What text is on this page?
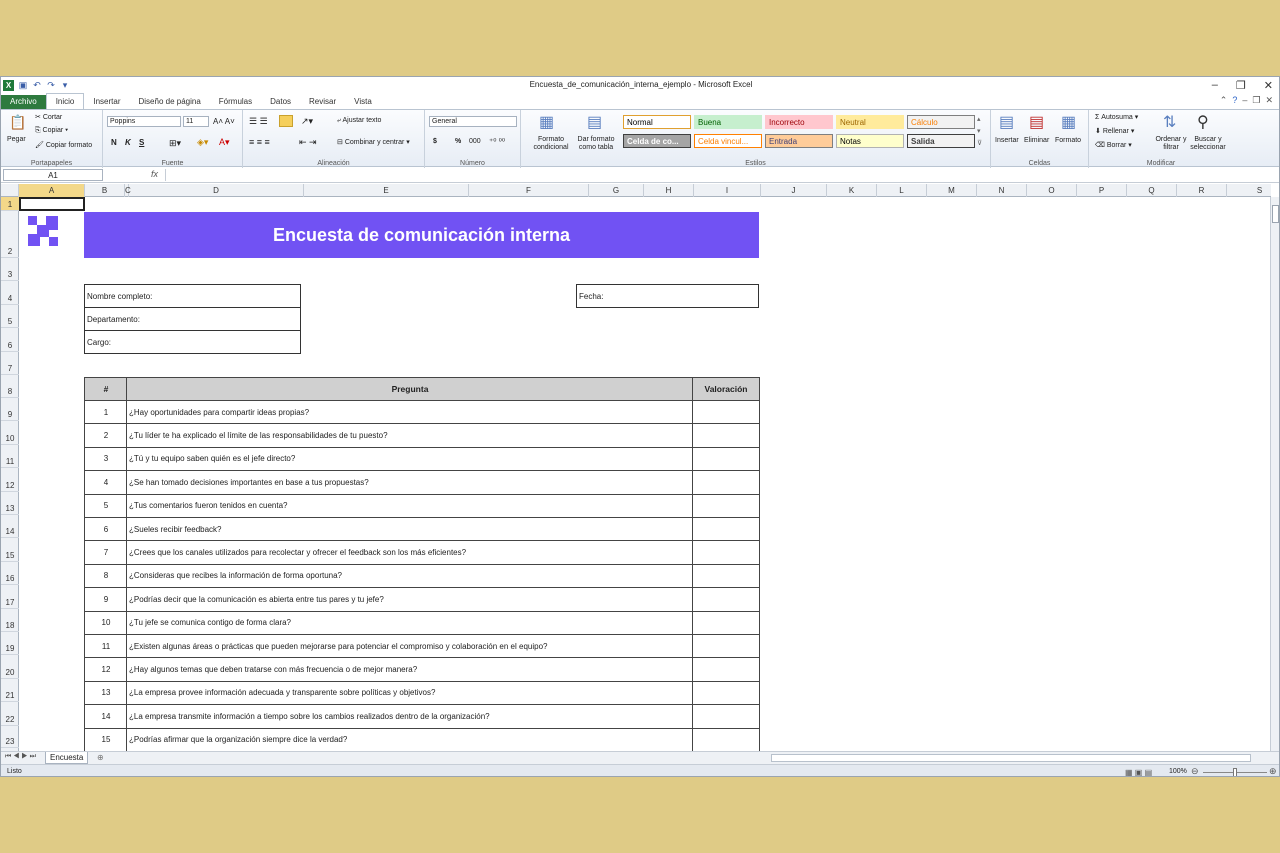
X ▣ ↶ ↷ ▾	Encuesta_de_comunicación_interna_ejemplo - Microsoft Excel	– ❐ ✕
Archivo	Inicio	Insertar	Diseño de página	Fórmulas	Datos	Revisar	Vista	⌃ ? – ❐ ✕
📋
Pegar
✂ Cortar
⎘ Copiar ▾
🖌 Copiar formato
Portapapeles
Poppins	11	A˄ A˅
N K S	⊞▾ ◈▾ A▾
Fuente
☰ ☰	↗▾	⤶ Ajustar texto
≡ ≡ ≡	⇤ ⇥	⊟ Combinar y centrar ▾
Alineación
General
$	% 000 ⁺⁰ ⁰⁰
Número
▦
Formato condicional
▤
Dar formato como tabla
Normal	Buena	Incorrecto	Neutral	Cálculo
Celda de co...	Celda vincul...	Entrada	Notas	Salida
▴
▾
⊽
Estilos
▤
Insertar
▤
Eliminar
▦
Formato
Celdas
Σ Autosuma ▾
⬇ Rellenar ▾
⌫ Borrar ▾
⇅
Ordenar y filtrar
⚲
Buscar y seleccionar
Modificar
A1	fx
A	B	C	D	E	F	G	H	I	J	K	L	M	N	O	P	Q	R	S
1
2
3
4
5
6
7
8
9
10
11
12
13
14
15
16
17
18
19
20
21
22
23
Encuesta de comunicación interna
Nombre completo:
Departamento:
Cargo:
Fecha:
#	Pregunta	Valoración
1	¿Hay oportunidades para compartir ideas propias?
2	¿Tu líder te ha explicado el límite de las responsabilidades de tu puesto?
3	¿Tú y tu equipo saben quién es el jefe directo?
4	¿Se han tomado decisiones importantes en base a tus propuestas?
5	¿Tus comentarios fueron tenidos en cuenta?
6	¿Sueles recibir feedback?
7	¿Crees que los canales utilizados para recolectar y ofrecer el feedback son los más eficientes?
8	¿Consideras que recibes la información de forma oportuna?
9	¿Podrías decir que la comunicación es abierta entre tus pares y tu jefe?
10	¿Tu jefe se comunica contigo de forma clara?
11	¿Existen algunas áreas o prácticas que pueden mejorarse para potenciar el compromiso y colaboración en el equipo?
12	¿Hay algunos temas que deben tratarse con más frecuencia o de mejor manera?
13	¿La empresa provee información adecuada y transparente sobre políticas y objetivos?
14	¿La empresa transmite información a tiempo sobre los cambios realizados dentro de la organización?
15	¿Podrías afirmar que la organización siempre dice la verdad?
⏮ ◀ ▶ ⏭	Encuesta	⊕
Listo	▦ ▣ ▤ 100% ⊖	⊕
